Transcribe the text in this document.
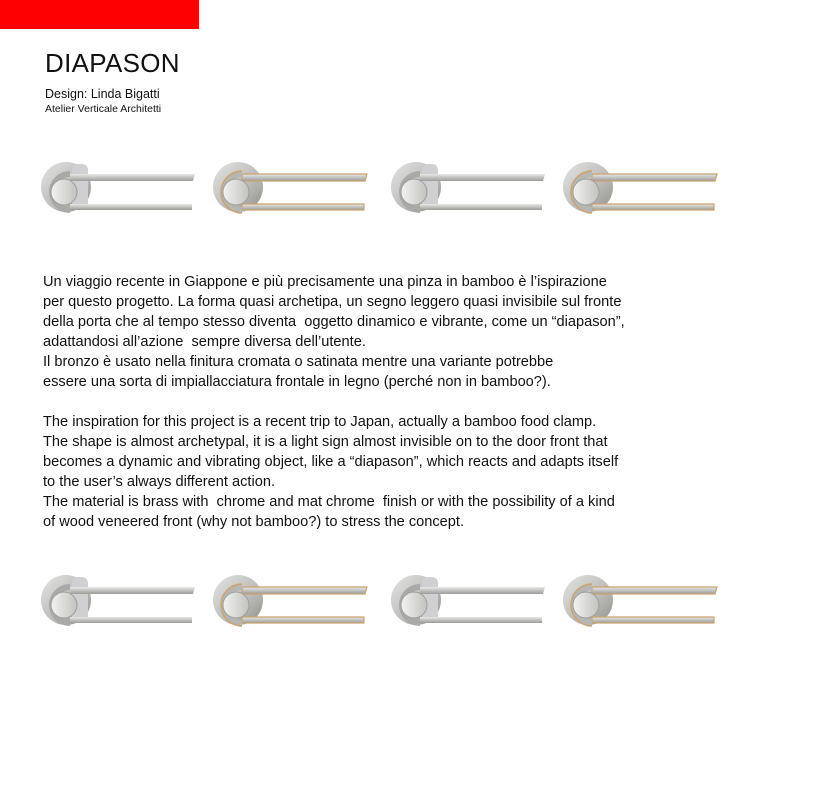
DIAPASON

Design: Linda Bigatti

Atelier Verticale Architetti

Un viaggio recente in Giappone e più precisamente una pinza in bamboo è l’ispirazione
per questo progetto. La forma quasi archetipa, un segno leggero quasi invisibile sul fronte
della porta che al tempo stesso diventa  oggetto dinamico e vibrante, come un “diapason”,
adattandosi all’azione  sempre diversa dell’utente.
Il bronzo è usato nella finitura cromata o satinata mentre una variante potrebbe
essere una sorta di impiallacciatura frontale in legno (perché non in bamboo?).
The inspiration for this project is a recent trip to Japan, actually a bamboo food clamp.
The shape is almost archetypal, it is a light sign almost invisible on to the door front that
becomes a dynamic and vibrating object, like a “diapason”, which reacts and adapts itself
to the user’s always different action.
The material is brass with  chrome and mat chrome  finish or with the possibility of a kind
of wood veneered front (why not bamboo?) to stress the concept.
